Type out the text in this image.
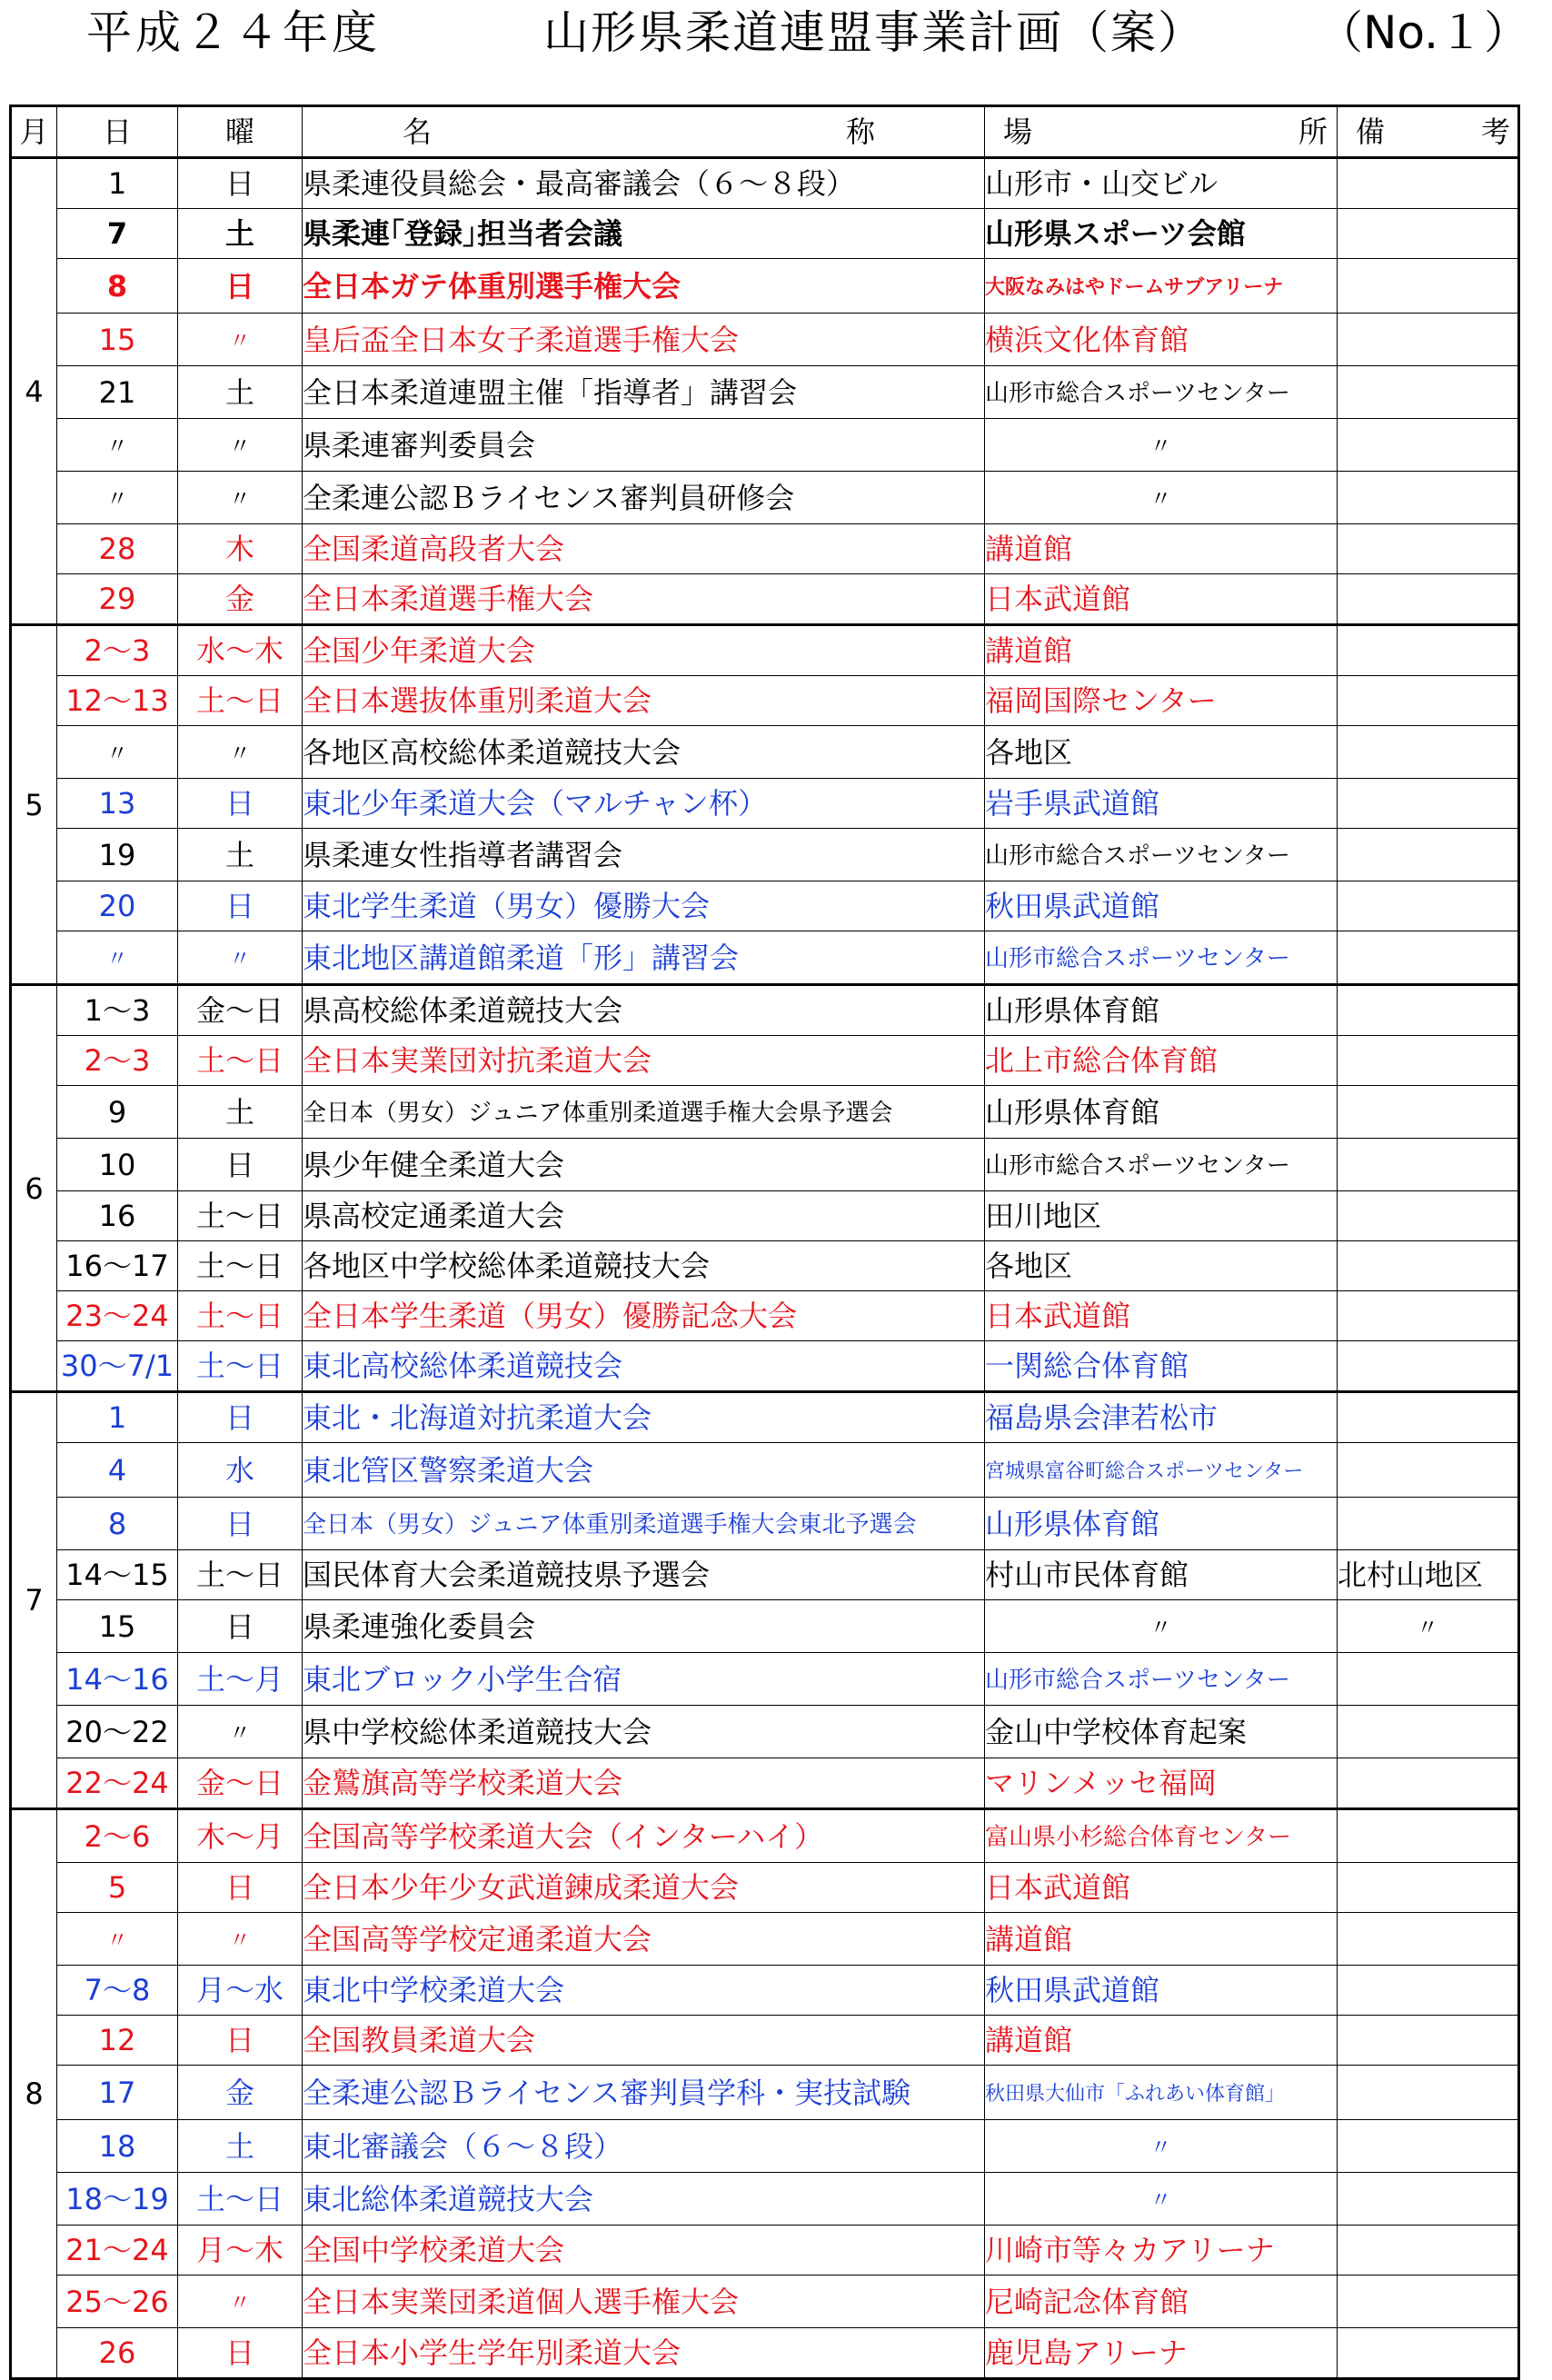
平成２４年度	山形県柔道連盟事業計画（案） （No.１）
月	日	曜	名 称	場 所	備 考

4	1	日	県柔連役員総会・最高審議会（６～８段）	山形市・山交ビル	
	7	土	県柔連｢登録｣担当者会議	山形県スポーツ会館	
	8	日	全日本ガテ体重別選手権大会	大阪なみはやドームサブアリーナ	
	15	〃	皇后盃全日本女子柔道選手権大会	横浜文化体育館	
	21	土	全日本柔道連盟主催「指導者」講習会	山形市総合スポーツセンター	
	〃	〃	県柔連審判委員会	〃	
	〃	〃	全柔連公認Ｂライセンス審判員研修会	〃	
	28	木	全国柔道高段者大会	講道館	
	29	金	全日本柔道選手権大会	日本武道館	
5	2～3	水～木	全国少年柔道大会	講道館	
	12～13	土～日	全日本選抜体重別柔道大会	福岡国際センター	
	〃	〃	各地区高校総体柔道競技大会	各地区	
	13	日	東北少年柔道大会（マルチャン杯）	岩手県武道館	
	19	土	県柔連女性指導者講習会	山形市総合スポーツセンター	
	20	日	東北学生柔道（男女）優勝大会	秋田県武道館	
	〃	〃	東北地区講道館柔道「形」講習会	山形市総合スポーツセンター	
6	1～3	金～日	県高校総体柔道競技大会	山形県体育館	
	2～3	土～日	全日本実業団対抗柔道大会	北上市総合体育館	
	9	土	全日本（男女）ジュニア体重別柔道選手権大会県予選会	山形県体育館	
	10	日	県少年健全柔道大会	山形市総合スポーツセンター	
	16	土～日	県高校定通柔道大会	田川地区	
	16～17	土～日	各地区中学校総体柔道競技大会	各地区	
	23～24	土～日	全日本学生柔道（男女）優勝記念大会	日本武道館	
	30～7/1	土～日	東北高校総体柔道競技会	一関総合体育館	
7	1	日	東北・北海道対抗柔道大会	福島県会津若松市	
	4	水	東北管区警察柔道大会	宮城県富谷町総合スポーツセンター	
	8	日	全日本（男女）ジュニア体重別柔道選手権大会東北予選会	山形県体育館	
	14～15	土～日	国民体育大会柔道競技県予選会	村山市民体育館	北村山地区
	15	日	県柔連強化委員会	〃	〃
	14～16	土～月	東北ブロック小学生合宿	山形市総合スポーツセンター	
	20～22	〃	県中学校総体柔道競技大会	金山中学校体育起案	
	22～24	金～日	金鷲旗高等学校柔道大会	マリンメッセ福岡	
8	2～6	木～月	全国高等学校柔道大会（インターハイ）	富山県小杉総合体育センター	
	5	日	全日本少年少女武道錬成柔道大会	日本武道館	
	〃	〃	全国高等学校定通柔道大会	講道館	
	7～8	月～水	東北中学校柔道大会	秋田県武道館	
	12	日	全国教員柔道大会	講道館	
	17	金	全柔連公認Ｂライセンス審判員学科・実技試験	秋田県大仙市「ふれあい体育館」	
	18	土	東北審議会（６～８段）	〃	
	18～19	土～日	東北総体柔道競技大会	〃	
	21～24	月～木	全国中学校柔道大会	川崎市等々カアリーナ	
	25～26	〃	全日本実業団柔道個人選手権大会	尼崎記念体育館	
	26	日	全日本小学生学年別柔道大会	鹿児島アリーナ	
